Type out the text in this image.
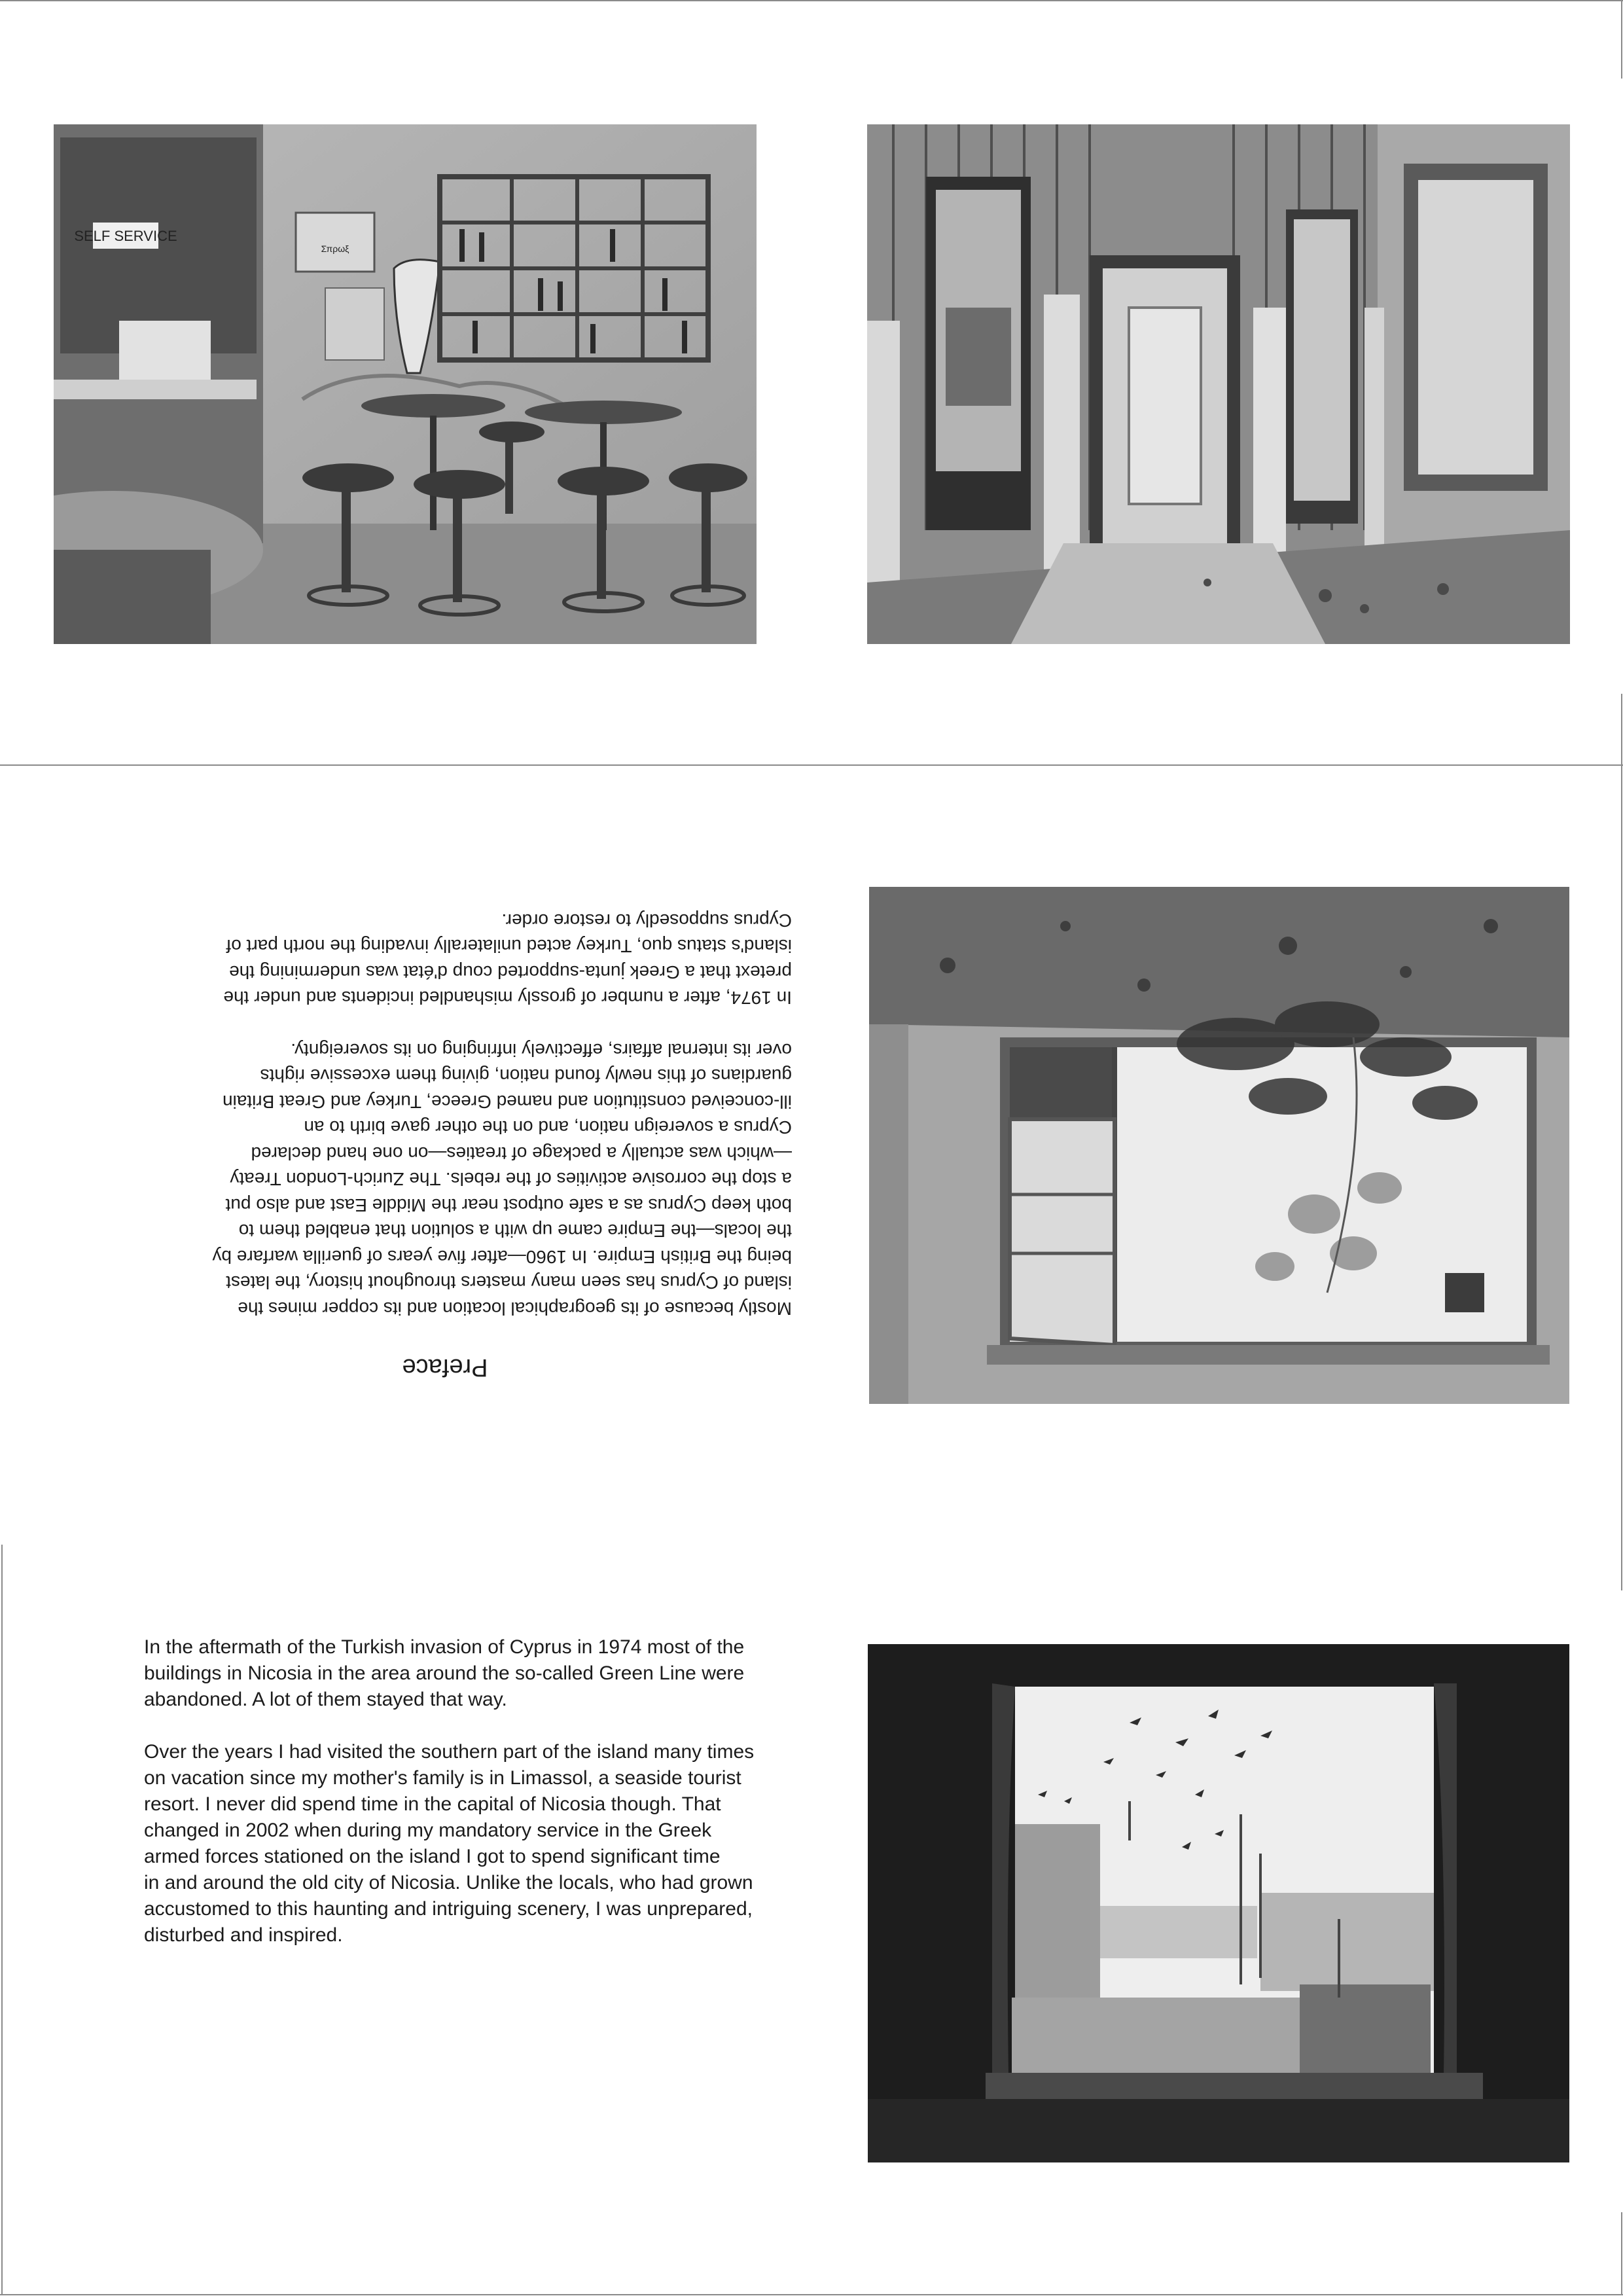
SELF SERVICE
Σπρωξ
Preface

Mostly because of its geographical location and its copper mines the
island of Cyprus has seen many masters throughout history, the latest
being the British Empire. In 1960—after five years of guerilla warfare by
the locals—the Empire came up with a solution that enabled them to
both keep Cyprus as a safe outpost near the Middle East and also put
a stop the corrosive activities of the rebels. The Zurich-London Treaty
—which was actually a package of treaties—on one hand declared
Cyprus a sovereign nation, and on the other gave birth to an
ill-conceived constitution and named Greece, Turkey and Great Britain
guardians of this newly found nation, giving them excessive rights
over its internal affairs, effectively infringing on its sovereignty.

In 1974, after a number of grossly mishandled incidents and under the
pretext that a Greek junta-supported coup d'état was undermining the
island's status quo, Turkey acted unilaterally invading the north part of
Cyprus supposedly to restore order.

In the aftermath of the Turkish invasion of Cyprus in 1974 most of the
buildings in Nicosia in the area around the so-called Green Line were
abandoned. A lot of them stayed that way.

Over the years I had visited the southern part of the island many times
on vacation since my mother's family is in Limassol, a seaside tourist
resort. I never did spend time in the capital of Nicosia though. That
changed in 2002 when during my mandatory service in the Greek
armed forces stationed on the island I got to spend significant time
in and around the old city of Nicosia. Unlike the locals, who had grown
accustomed to this haunting and intriguing scenery, I was unprepared,
disturbed and inspired.
